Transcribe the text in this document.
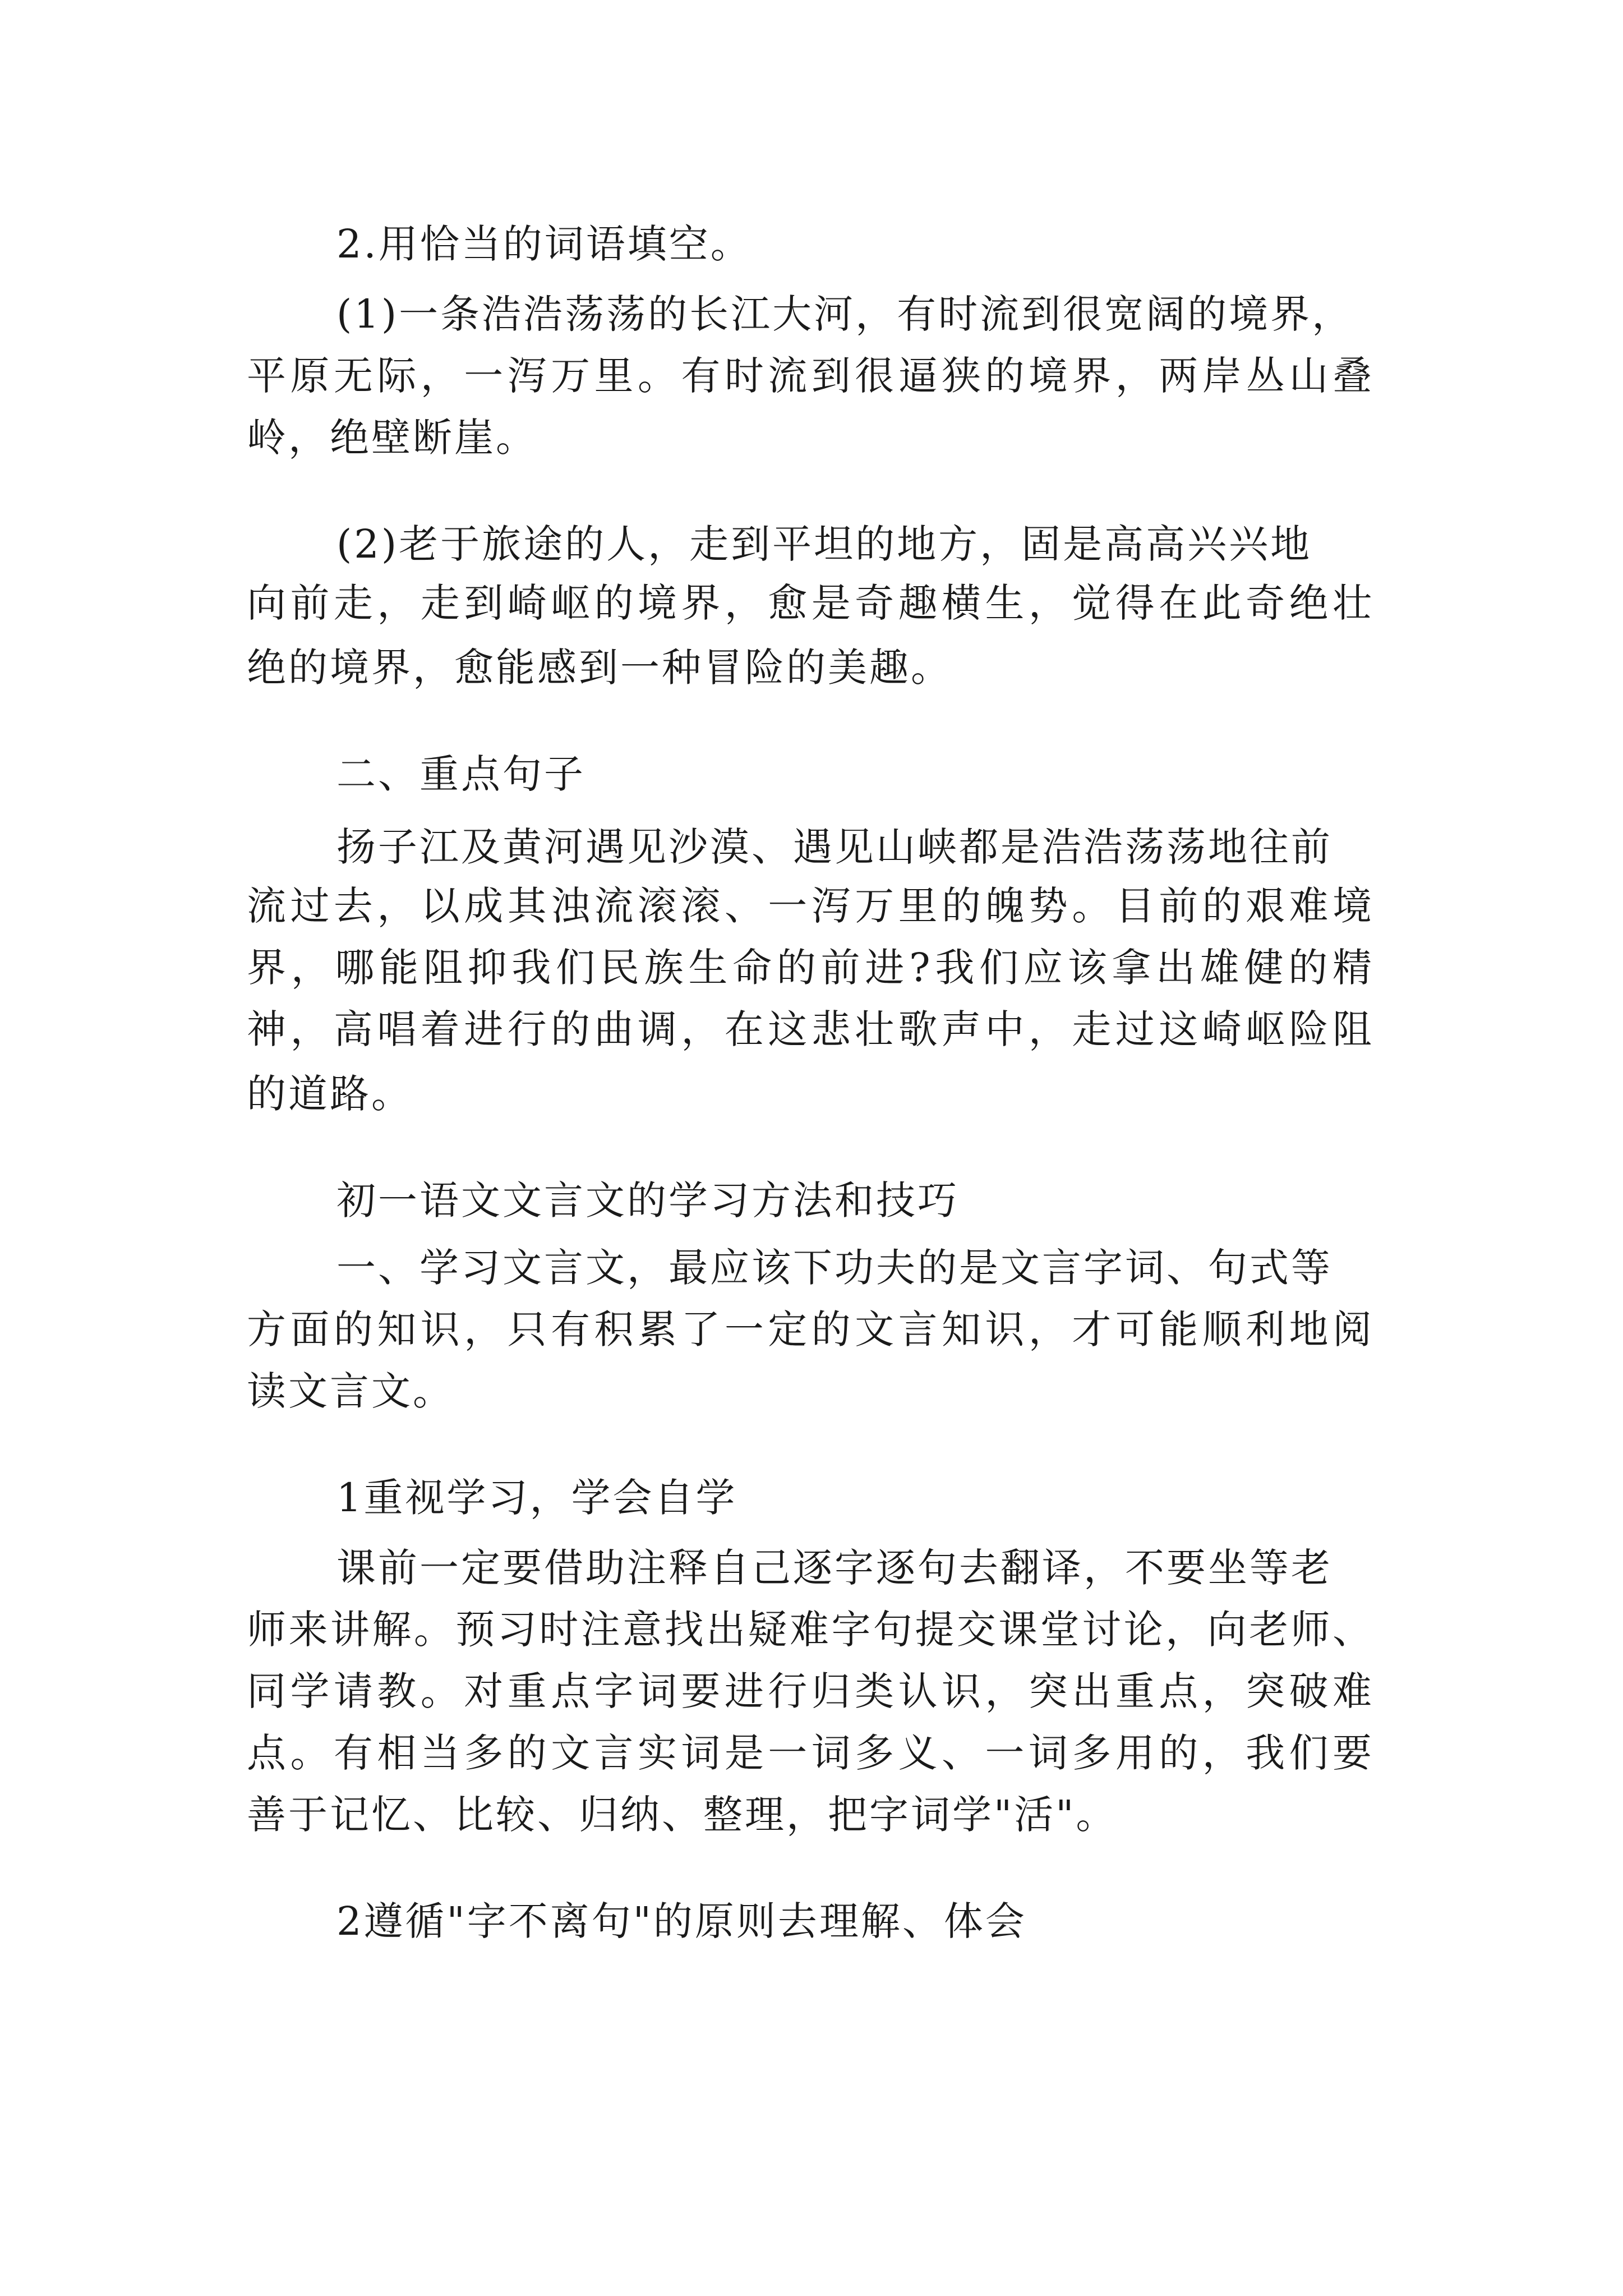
2.用恰当的词语填空。
(1)一条浩浩荡荡的长江大河，有时流到很宽阔的境界，
平原无际，一泻万里。有时流到很逼狭的境界，两岸丛山叠
岭，绝壁断崖。
(2)老于旅途的人，走到平坦的地方，固是高高兴兴地
向前走，走到崎岖的境界，愈是奇趣横生，觉得在此奇绝壮
绝的境界，愈能感到一种冒险的美趣。
二、重点句子
扬子江及黄河遇见沙漠、遇见山峡都是浩浩荡荡地往前
流过去，以成其浊流滚滚、一泻万里的魄势。目前的艰难境
界，哪能阻抑我们民族生命的前进?我们应该拿出雄健的精
神，高唱着进行的曲调，在这悲壮歌声中，走过这崎岖险阻
的道路。
初一语文文言文的学习方法和技巧
一、学习文言文，最应该下功夫的是文言字词、句式等
方面的知识，只有积累了一定的文言知识，才可能顺利地阅
读文言文。
1重视学习，学会自学
课前一定要借助注释自己逐字逐句去翻译，不要坐等老
师来讲解。预习时注意找出疑难字句提交课堂讨论，向老师、
同学请教。对重点字词要进行归类认识，突出重点，突破难
点。有相当多的文言实词是一词多义、一词多用的，我们要
善于记忆、比较、归纳、整理，把字词学"活"。
2遵循"字不离句"的原则去理解、体会
